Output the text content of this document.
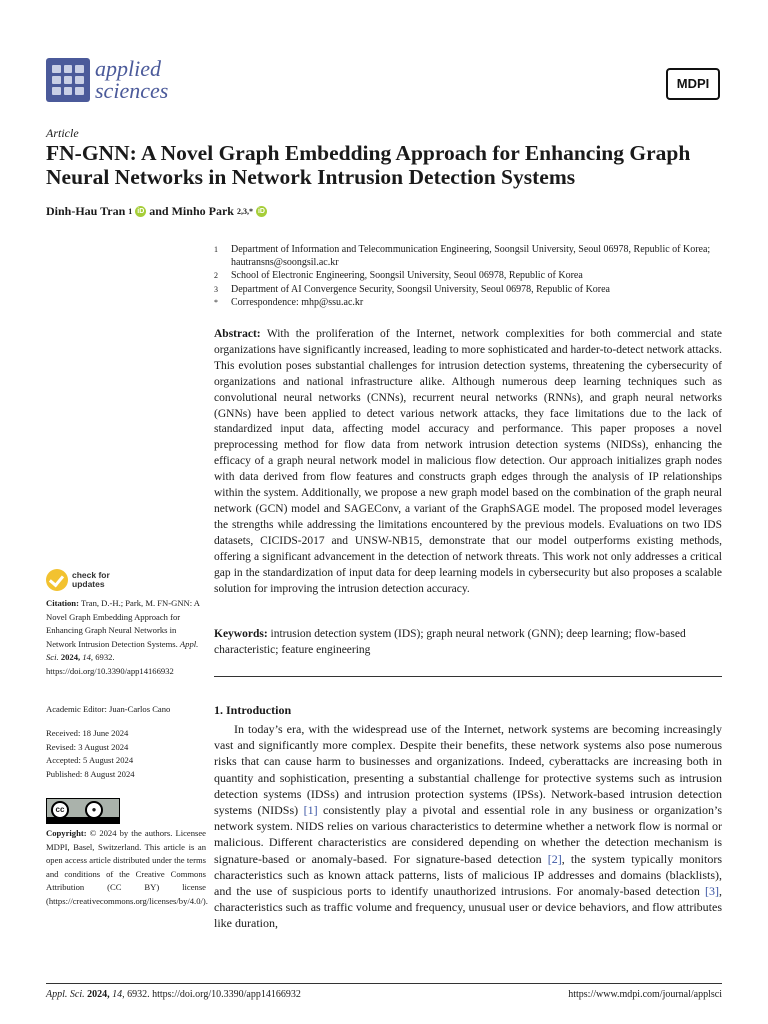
applied
sciences	MDPI
Article
FN-GNN: A Novel Graph Embedding Approach for Enhancing Graph Neural Networks in Network Intrusion Detection Systems
Dinh-Hau Tran 1 iD and Minho Park 2,3,* iD
1	Department of Information and Telecommunication Engineering, Soongsil University, Seoul 06978, Republic of Korea; hautransns@soongsil.ac.kr
2	School of Electronic Engineering, Soongsil University, Seoul 06978, Republic of Korea
3	Department of AI Convergence Security, Soongsil University, Seoul 06978, Republic of Korea
*	Correspondence: mhp@ssu.ac.kr
Abstract: With the proliferation of the Internet, network complexities for both commercial and state organizations have significantly increased, leading to more sophisticated and harder-to-detect network attacks. This evolution poses substantial challenges for intrusion detection systems, threatening the cybersecurity of organizations and national infrastructure alike. Although numerous deep learning techniques such as convolutional neural networks (CNNs), recurrent neural networks (RNNs), and graph neural networks (GNNs) have been applied to detect various network attacks, they face limitations due to the lack of standardized input data, affecting model accuracy and performance. This paper proposes a novel preprocessing method for flow data from network intrusion detection systems (NIDSs), enhancing the efficacy of a graph neural network model in malicious flow detection. Our approach initializes graph nodes with data derived from flow features and constructs graph edges through the analysis of IP relationships within the system. Additionally, we propose a new graph model based on the combination of the graph neural network (GCN) model and SAGEConv, a variant of the GraphSAGE model. The proposed model leverages the strengths while addressing the limitations encountered by the previous models. Evaluations on two IDS datasets, CICIDS-2017 and UNSW-NB15, demonstrate that our model outperforms existing methods, offering a significant advancement in the detection of network threats. This work not only addresses a critical gap in the standardization of input data for deep learning models in cybersecurity but also proposes a scalable solution for improving the intrusion detection accuracy.
Keywords: intrusion detection system (IDS); graph neural network (GNN); deep learning; flow-based characteristic; feature engineering
check for
updates
Citation: Tran, D.-H.; Park, M. FN-GNN: A Novel Graph Embedding Approach for Enhancing Graph Neural Networks in Network Intrusion Detection Systems. Appl. Sci. 2024, 14, 6932. https://doi.org/10.3390/app14166932
Academic Editor: Juan-Carlos Cano
Received: 18 June 2024
Revised: 3 August 2024
Accepted: 5 August 2024
Published: 8 August 2024
cc	●
Copyright: © 2024 by the authors. Licensee MDPI, Basel, Switzerland. This article is an open access article distributed under the terms and conditions of the Creative Commons Attribution (CC BY) license (https://creativecommons.org/licenses/by/4.0/).
1. Introduction
In today’s era, with the widespread use of the Internet, network systems are becoming increasingly vast and significantly more complex. Despite their benefits, these network systems also pose numerous risks that can cause harm to businesses and organizations. Indeed, cyberattacks are increasing both in quantity and sophistication, presenting a substantial challenge for protective systems such as intrusion detection systems (IDSs) and intrusion protection systems (IPSs). Network-based intrusion detection systems (NIDSs) [1] consistently play a pivotal and essential role in any business or organization’s network system. NIDS relies on various characteristics to determine whether a network flow is normal or malicious. Different characteristics are considered depending on whether the detection mechanism is signature-based or anomaly-based. For signature-based detection [2], the system typically monitors characteristics such as known attack patterns, lists of malicious IP addresses and domains (blacklists), and the use of suspicious ports to identify unauthorized intrusions. For anomaly-based detection [3], characteristics such as traffic volume and frequency, unusual user or device behaviors, and flow attributes like duration,
Appl. Sci. 2024, 14, 6932. https://doi.org/10.3390/app14166932	https://www.mdpi.com/journal/applsci
